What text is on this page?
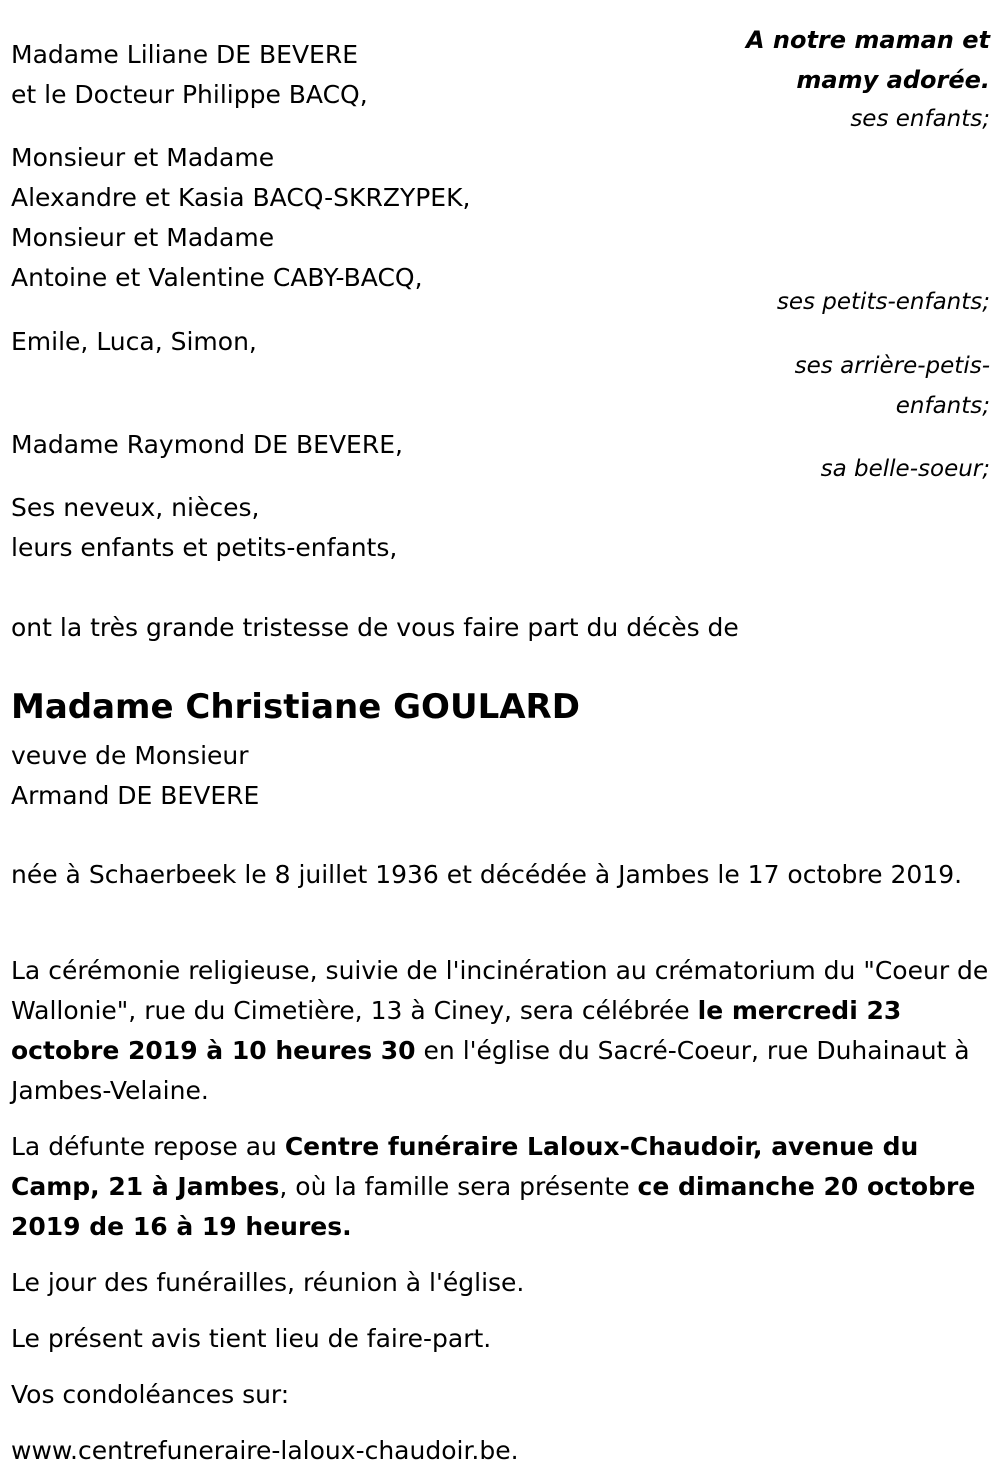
A notre maman et
mamy adorée.
Madame Liliane DE BEVERE
et le Docteur Philippe BACQ,
ses enfants;
Monsieur et Madame
Alexandre et Kasia BACQ-SKRZYPEK,
Monsieur et Madame
Antoine et Valentine CABY-BACQ,
ses petits-enfants;
Emile, Luca, Simon,
ses arrière-petis-
enfants;
Madame Raymond DE BEVERE,
sa belle-soeur;
Ses neveux, nièces,
leurs enfants et petits-enfants,

ont la très grande tristesse de vous faire part du décès de

Madame Christiane GOULARD
veuve de Monsieur
Armand DE BEVERE

née à Schaerbeek le 8 juillet 1936 et décédée à Jambes le 17 octobre 2019.

La cérémonie religieuse, suivie de l'incinération au crématorium du "Coeur de Wallonie", rue du Cimetière, 13 à Ciney, sera célébrée le mercredi 23 octobre 2019 à 10 heures 30 en l'église du Sacré-Coeur, rue Duhainaut à Jambes-Velaine.

La défunte repose au Centre funéraire Laloux-Chaudoir, avenue du Camp, 21 à Jambes, où la famille sera présente ce dimanche 20 octobre 2019 de 16 à 19 heures.

Le jour des funérailles, réunion à l'église.

Le présent avis tient lieu de faire-part.

Vos condoléances sur:

www.centrefuneraire-laloux-chaudoir.be.
